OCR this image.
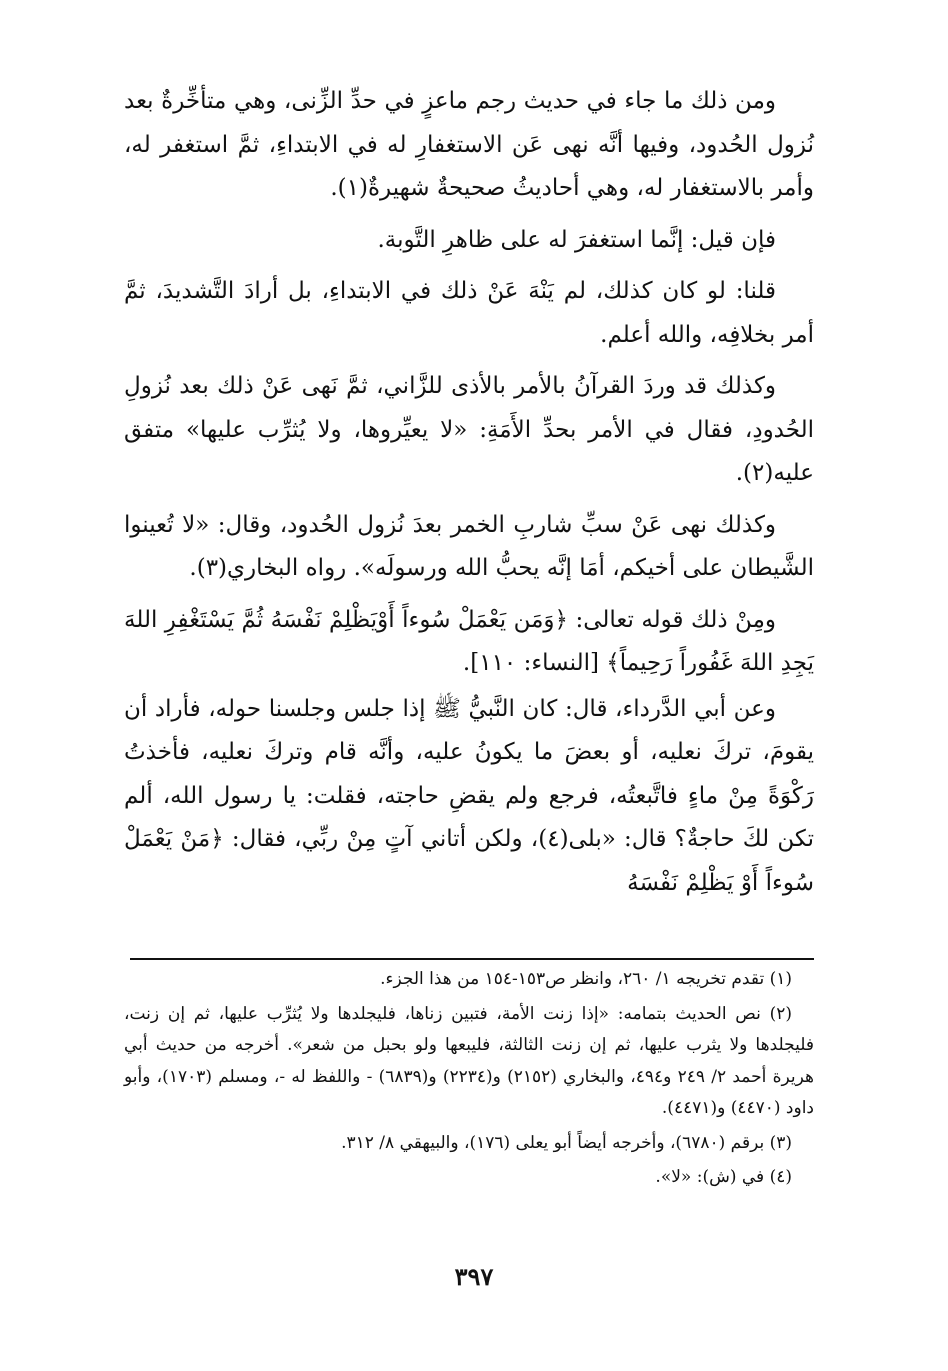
ومن ذلك ما جاء في حديث رجم ماعزٍ في حدِّ الزِّنى، وهي متأخِّرةٌ بعد نُزول الحُدود، وفيها أنَّه نهى عَن الاستغفارِ له في الابتداءِ، ثمَّ استغفر له، وأمر بالاستغفار له، وهي أحاديثُ صحيحةٌ شهيرةٌ(١).

فإن قيل: إنَّما استغفرَ له على ظاهرِ التَّوبة.

قلنا: لو كان كذلك، لم يَنْهَ عَنْ ذلك في الابتداءِ، بل أرادَ التَّشديدَ، ثمَّ أمر بخلافِه، والله أعلم.

وكذلك قد وردَ القرآنُ بالأمر بالأذى للزَّاني، ثمَّ نَهى عَنْ ذلك بعد نُزولِ الحُدودِ، فقال في الأمر بحدِّ الأَمَةِ: «لا يعيِّروها، ولا يُثرِّب عليها» متفق عليه(٢).

وكذلك نهى عَنْ سبِّ شاربِ الخمر بعدَ نُزول الحُدود، وقال: «لا تُعينوا الشَّيطان على أخيكم، أمَا إنَّه يحبُّ الله ورسولَه». رواه البخاري(٣).

ومِنْ ذلك قوله تعالى: ﴿وَمَن يَعْمَلْ سُوءاً أَوْيَظْلِمْ نَفْسَهُ ثُمَّ يَسْتَغْفِرِ اللهَ يَجِدِ اللهَ غَفُوراً رَحِيماً﴾ [النساء: ١١٠].

وعن أبي الدَّرداء، قال: كان النَّبيُّ ﷺ إذا جلس وجلسنا حوله، فأراد أن يقومَ، تركَ نعليه، أو بعضَ ما يكونُ عليه، وأنَّه قام وتركَ نعليه، فأخذتُ رَكْوَةً مِنْ ماءٍ فاتَّبعتُه، فرجع ولم يقضِ حاجته، فقلت: يا رسول الله، ألم تكن لكَ حاجةٌ؟ قال: «بلى(٤)، ولكن أتاني آتٍ مِنْ ربِّي، فقال: ﴿مَنْ يَعْمَلْ سُوءاً أَوْ يَظْلِمْ نَفْسَهُ

(١) تقدم تخريجه ١/ ٢٦٠، وانظر ص١٥٣-١٥٤ من هذا الجزء.

(٢) نص الحديث بتمامه: «إذا زنت الأمة، فتبين زناها، فليجلدها ولا يُثرِّب عليها، ثم إن زنت، فليجلدها ولا يثرب عليها، ثم إن زنت الثالثة، فليبعها ولو بحبل من شعر». أخرجه من حديث أبي هريرة أحمد ٢/ ٢٤٩ و٤٩٤، والبخاري (٢١٥٢) و(٢٢٣٤) و(٦٨٣٩) - واللفظ له -، ومسلم (١٧٠٣)، وأبو داود (٤٤٧٠) و(٤٤٧١).

(٣) برقم (٦٧٨٠)، وأخرجه أيضاً أبو يعلى (١٧٦)، والبيهقي ٨/ ٣١٢.

(٤) في (ش): «لا».

٣٩٧
